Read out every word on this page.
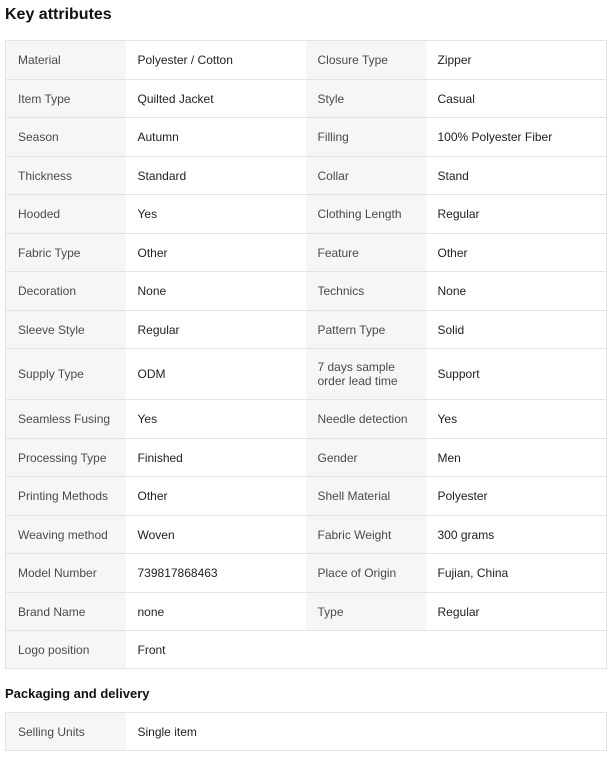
Key attributes
Material	Polyester / Cotton	Closure Type	Zipper
Item Type	Quilted Jacket	Style	Casual
Season	Autumn	Filling	100% Polyester Fiber
Thickness	Standard	Collar	Stand
Hooded	Yes	Clothing Length	Regular
Fabric Type	Other	Feature	Other
Decoration	None	Technics	None
Sleeve Style	Regular	Pattern Type	Solid
Supply Type	ODM	7 days sample order lead time	Support
Seamless Fusing	Yes	Needle detection	Yes
Processing Type	Finished	Gender	Men
Printing Methods	Other	Shell Material	Polyester
Weaving method	Woven	Fabric Weight	300 grams
Model Number	739817868463	Place of Origin	Fujian, China
Brand Name	none	Type	Regular
Logo position	Front		
Packaging and delivery
Selling Units	Single item		
